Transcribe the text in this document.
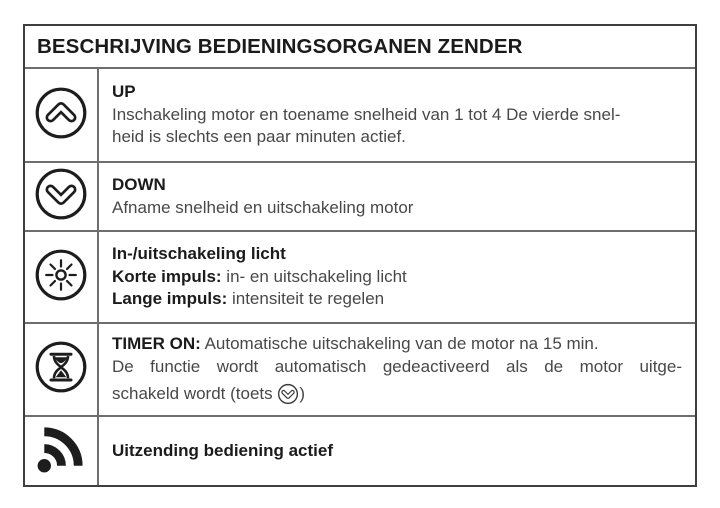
BESCHRIJVING BEDIENINGSORGANEN ZENDER
UP
Inschakeling motor en toename snelheid van 1 tot 4 De vierde snel-
heid is slechts een paar minuten actief.
DOWN
Afname snelheid en uitschakeling motor
In-/uitschakeling licht
Korte impuls: in- en uitschakeling licht
Lange impuls: intensiteit te regelen
TIMER ON: Automatische uitschakeling van de motor na 15 min.
De functie wordt automatisch gedeactiveerd als de motor uitge-
schakeld wordt (toets )
Uitzending bediening actief
